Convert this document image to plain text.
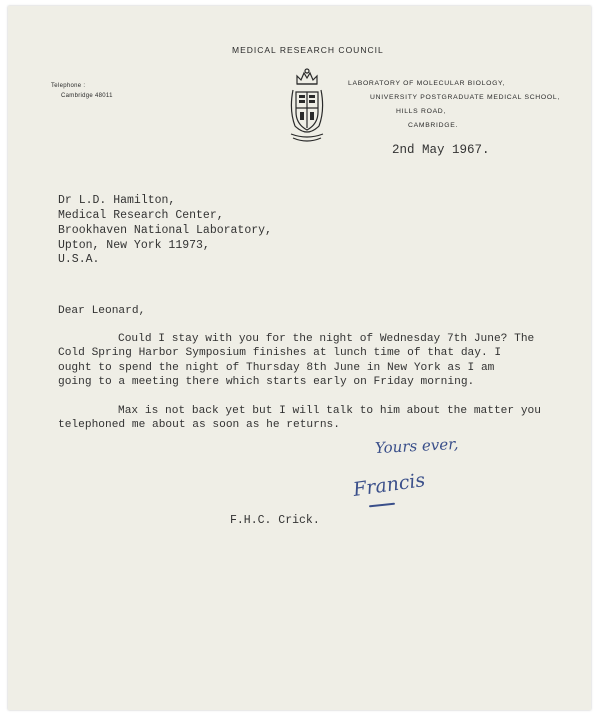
MEDICAL RESEARCH COUNCIL
Telephone :
Cambridge 48011
LABORATORY OF MOLECULAR BIOLOGY,
UNIVERSITY POSTGRADUATE MEDICAL SCHOOL,
HILLS ROAD,
CAMBRIDGE.
2nd May 1967.
Dr L.D. Hamilton,
Medical Research Center,
Brookhaven National Laboratory,
Upton, New York 11973,
U.S.A.
Dear Leonard,
Could I stay with you for the night of Wednesday 7th June? The
Cold Spring Harbor Symposium finishes at lunch time of that day. I
ought to spend the night of Thursday 8th June in New York as I am
going to a meeting there which starts early on Friday morning.
Max is not back yet but I will talk to him about the matter you
telephoned me about as soon as he returns.
Yours ever,
Francis
F.H.C. Crick.
